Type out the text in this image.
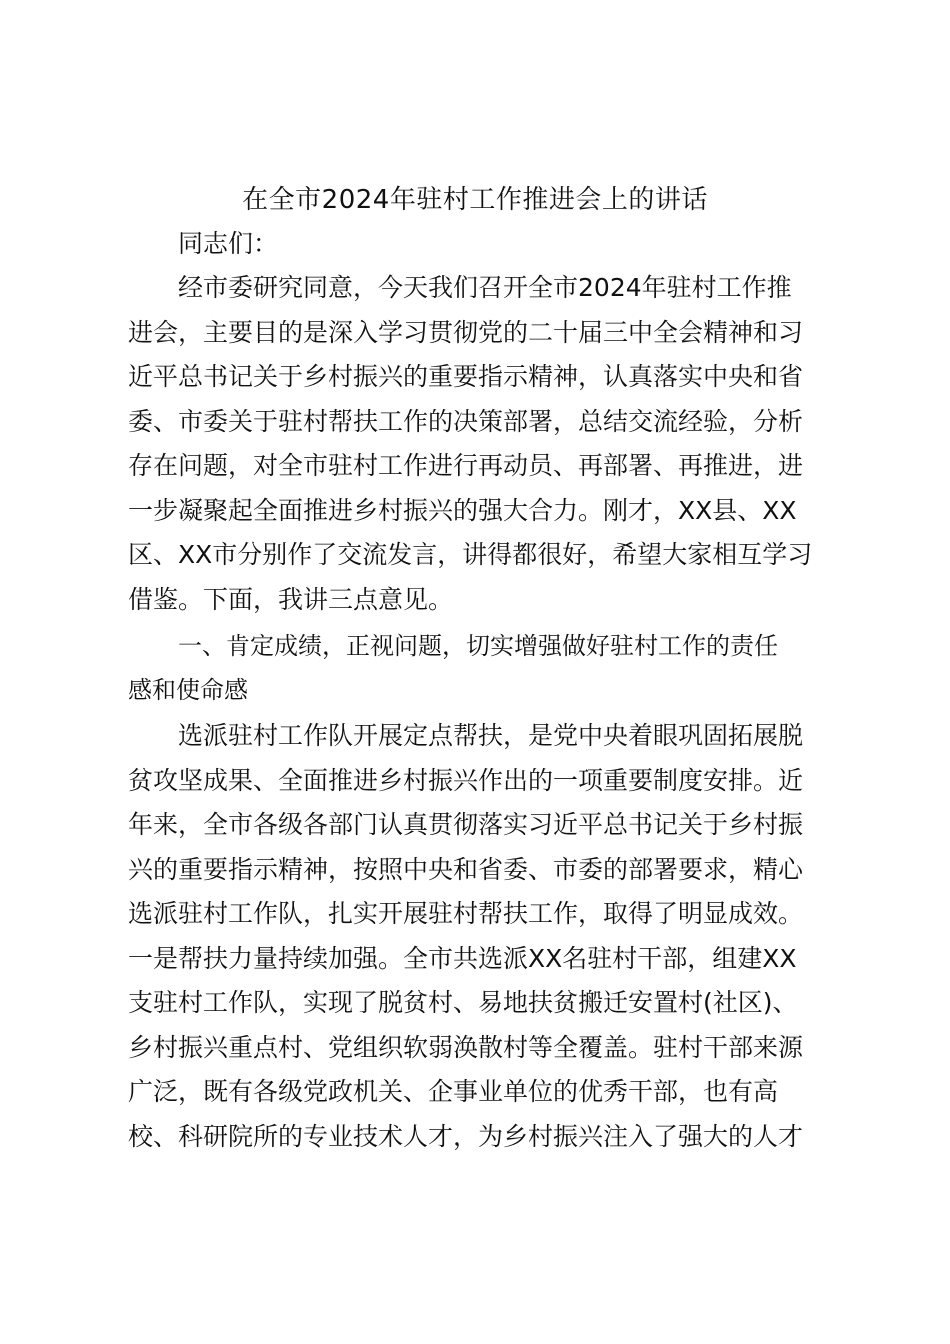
在全市2024年驻村工作推进会上的讲话
同志们：
经市委研究同意，今天我们召开全市2024年驻村工作推
进会，主要目的是深入学习贯彻党的二十届三中全会精神和习
近平总书记关于乡村振兴的重要指示精神，认真落实中央和省
委、市委关于驻村帮扶工作的决策部署，总结交流经验，分析
存在问题，对全市驻村工作进行再动员、再部署、再推进，进
一步凝聚起全面推进乡村振兴的强大合力。刚才，XX县、XX
区、XX市分别作了交流发言，讲得都很好，希望大家相互学习
借鉴。下面，我讲三点意见。
一、肯定成绩，正视问题，切实增强做好驻村工作的责任
感和使命感
选派驻村工作队开展定点帮扶，是党中央着眼巩固拓展脱
贫攻坚成果、全面推进乡村振兴作出的一项重要制度安排。近
年来，全市各级各部门认真贯彻落实习近平总书记关于乡村振
兴的重要指示精神，按照中央和省委、市委的部署要求，精心
选派驻村工作队，扎实开展驻村帮扶工作，取得了明显成效。
一是帮扶力量持续加强。全市共选派XX名驻村干部，组建XX
支驻村工作队，实现了脱贫村、易地扶贫搬迁安置村(社区)、
乡村振兴重点村、党组织软弱涣散村等全覆盖。驻村干部来源
广泛，既有各级党政机关、企事业单位的优秀干部，也有高
校、科研院所的专业技术人才，为乡村振兴注入了强大的人才
